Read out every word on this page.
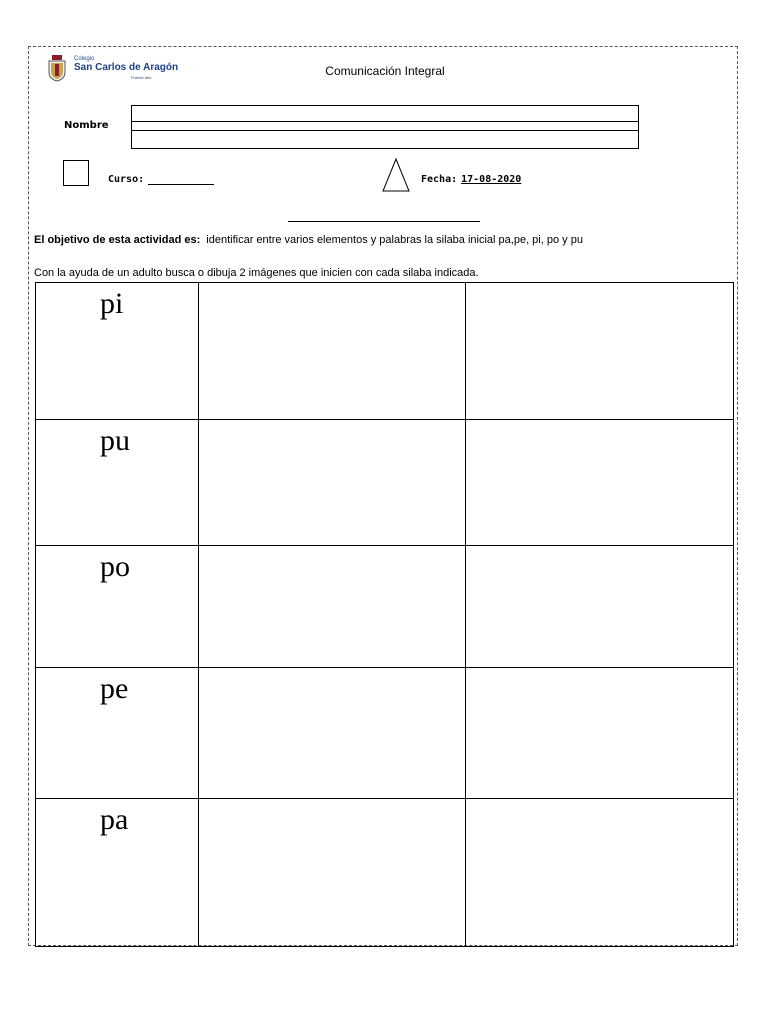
Colegio
San Carlos de Aragón
Puente Alto	Comunicación Integral
Nombre
Curso:	Fecha: 17-08-2020
El objetivo de esta actividad es: identificar entre varios elementos y palabras la silaba inicial pa,pe, pi, po y pu
Con la ayuda de un adulto busca o dibuja 2 imágenes que inicien con cada silaba indicada.
pi		

pu		

po		

pe		

pa		
